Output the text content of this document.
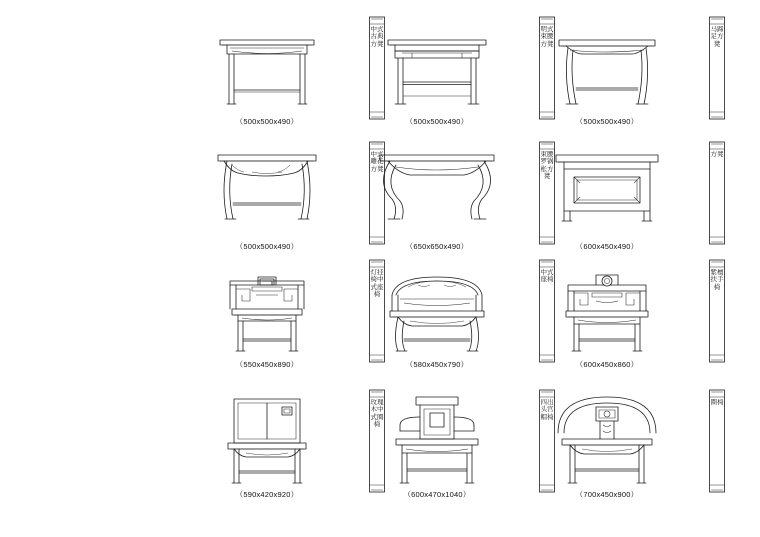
中式古典方凳
（500x500x490）
明式束腰方凳
（500x500x490）
马蹄足方凳
（500x500x490）
中式雕花方凳
（500x500x490）
束腰罗锅枨方凳
（650x650x490）
方凳
（600x450x490）
灯挂椅中式座椅
（550x450x890）
中式座椅
（580x450x790）
紫檀扶手椅
（600x450x860）
玫瑰木中式圈椅
（590x420x920）
四出头官帽椅
（600x470x1040）
圈椅
（700x450x900）
